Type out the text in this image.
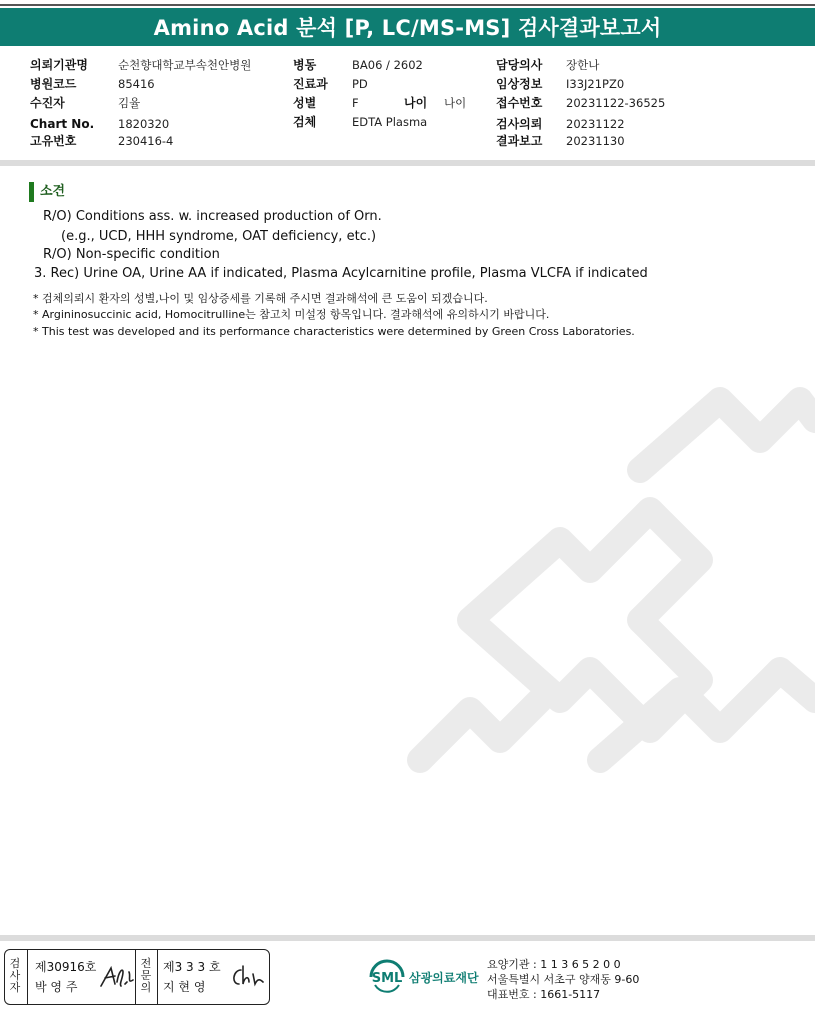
Amino Acid 분석 [P, LC/MS-MS] 검사결과보고서
의뢰기관명	순천향대학교부속천안병원
병원코드	85416
수진자	김율
Chart No. 1820320
고유번호	230416-4
병동	BA06 / 2602
진료과 PD
성별	F	나이 나이
검체	EDTA Plasma
담당의사 장한나
임상정보 I33J21PZ0
접수번호 20231122-36525
검사의뢰 20231122
결과보고 20231130
소견
R/O) Conditions ass. w. increased production of Orn.
(e.g., UCD, HHH syndrome, OAT deficiency, etc.)
R/O) Non-specific condition
3. Rec) Urine OA, Urine AA if indicated, Plasma Acylcarnitine profile, Plasma VLCFA if indicated
* 검체의뢰시 환자의 성별,나이 및 임상증세를 기록해 주시면 결과해석에 큰 도움이 되겠습니다.
* Argininosuccinic acid, Homocitrulline는 참고치 미설정 항목입니다. 결과해석에 유의하시기 바랍니다.
* This test was developed and its performance characteristics were determined by Green Cross Laboratories.
검
사
자
제30916호
박 영 주
전
문
의
제3 3 3 호
지 현 영
SML 삼광의료재단
요양기관 : 1 1 3 6 5 2 0 0
서울특별시 서초구 양재동 9-60
대표번호 : 1661-5117
